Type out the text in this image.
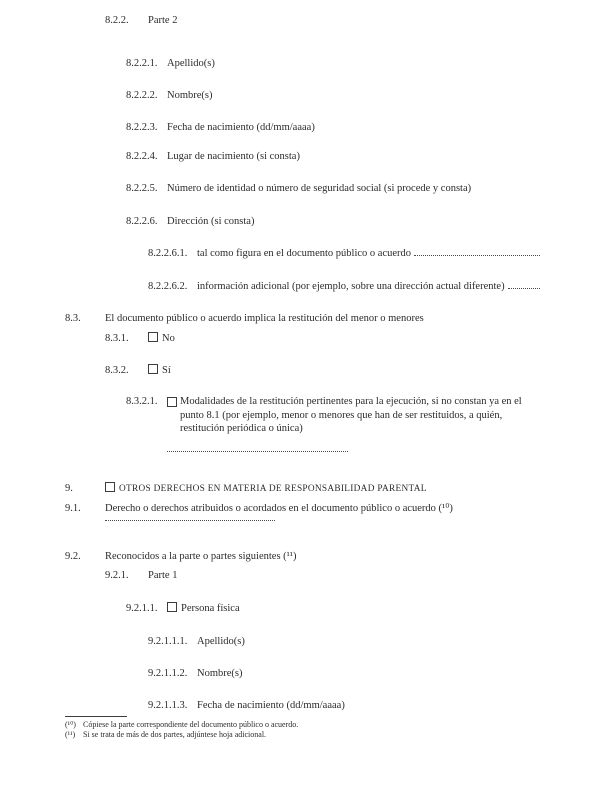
8.2.2. Parte 2
8.2.2.1. Apellido(s)
8.2.2.2. Nombre(s)
8.2.2.3. Fecha de nacimiento (dd/mm/aaaa)
8.2.2.4. Lugar de nacimiento (si consta)
8.2.2.5. Número de identidad o número de seguridad social (si procede y consta)
8.2.2.6. Dirección (si consta)
8.2.2.6.1. tal como figura en el documento público o acuerdo
8.2.2.6.2. información adicional (por ejemplo, sobre una dirección actual diferente)
8.3. El documento público o acuerdo implica la restitución del menor o menores
8.3.1.	No
8.3.2.	Sí
8.3.2.1. Modalidades de la restitución pertinentes para la ejecución, si no constan ya en el punto 8.1 (por ejemplo, menor o menores que han de ser restituidos, a quién, restitución periódica o única)
9.	OTROS DERECHOS EN MATERIA DE RESPONSABILIDAD PARENTAL
9.1. Derecho o derechos atribuidos o acordados en el documento público o acuerdo (¹⁰)
9.2. Reconocidos a la parte o partes siguientes (¹¹)
9.2.1. Parte 1
9.2.1.1. Persona física
9.2.1.1.1. Apellido(s)
9.2.1.1.2. Nombre(s)
9.2.1.1.3. Fecha de nacimiento (dd/mm/aaaa)
(¹⁰) Cópiese la parte correspondiente del documento público o acuerdo.
(¹¹) Si se trata de más de dos partes, adjúntese hoja adicional.
